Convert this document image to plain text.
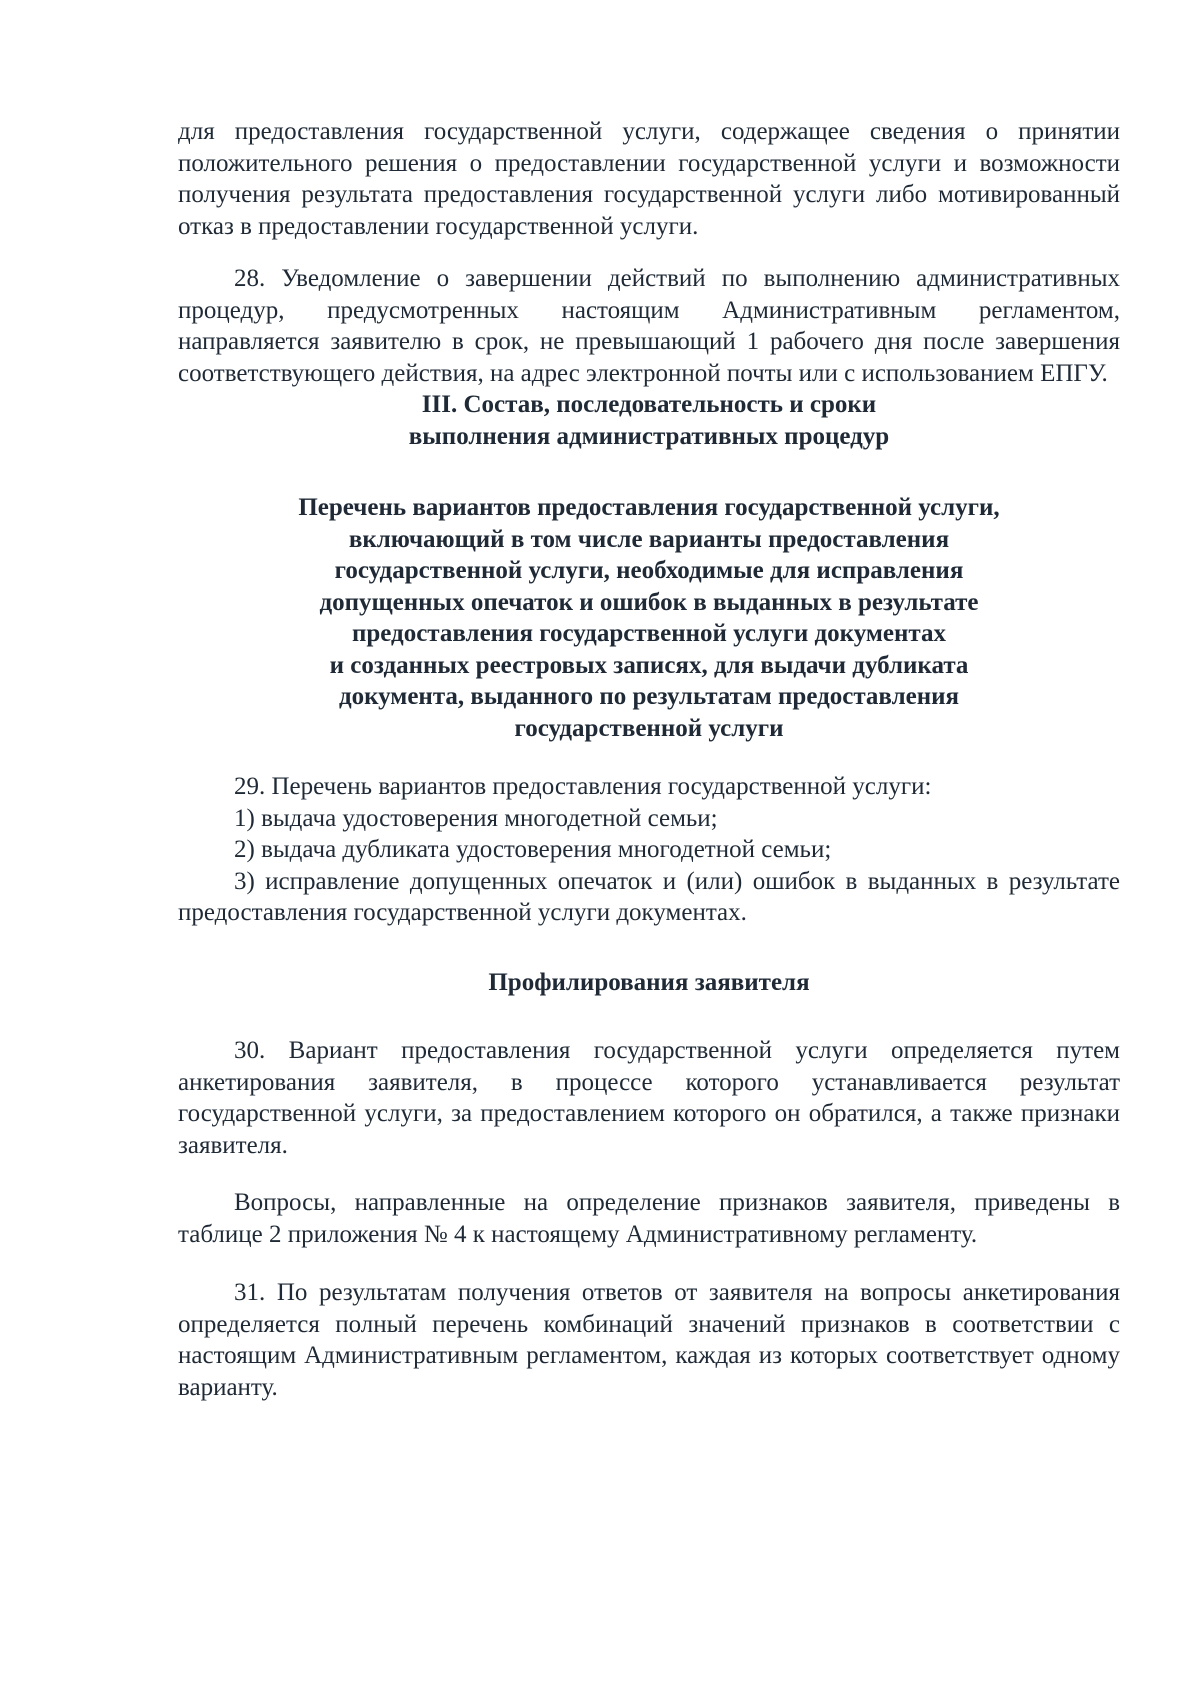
для предоставления государственной услуги, содержащее сведения о принятии положительного решения о предоставлении государственной услуги и возможности получения результата предоставления государственной услуги либо мотивированный отказ в предоставлении государственной услуги.

28. Уведомление о завершении действий по выполнению административных процедур, предусмотренных настоящим Административным регламентом, направляется заявителю в срок, не превышающий 1 рабочего дня после завершения соответствующего действия, на адрес электронной почты или с использованием ЕПГУ.

III. Состав, последовательность и сроки
выполнения административных процедур
Перечень вариантов предоставления государственной услуги,
включающий в том числе варианты предоставления
государственной услуги, необходимые для исправления
допущенных опечаток и ошибок в выданных в результате
предоставления государственной услуги документах
и созданных реестровых записях, для выдачи дубликата
документа, выданного по результатам предоставления
государственной услуги

29. Перечень вариантов предоставления государственной услуги:

1) выдача удостоверения многодетной семьи;

2) выдача дубликата удостоверения многодетной семьи;

3) исправление допущенных опечаток и (или) ошибок в выданных в результате предоставления государственной услуги документах.

Профилирования заявителя

30. Вариант предоставления государственной услуги определяется путем анкетирования заявителя, в процессе которого устанавливается результат государственной услуги, за предоставлением которого он обратился, а также признаки заявителя.

Вопросы, направленные на определение признаков заявителя, приведены в таблице 2 приложения № 4 к настоящему Административному регламенту.

31. По результатам получения ответов от заявителя на вопросы анкетирования определяется полный перечень комбинаций значений признаков в соответствии с настоящим Административным регламентом, каждая из которых соответствует одному варианту.
